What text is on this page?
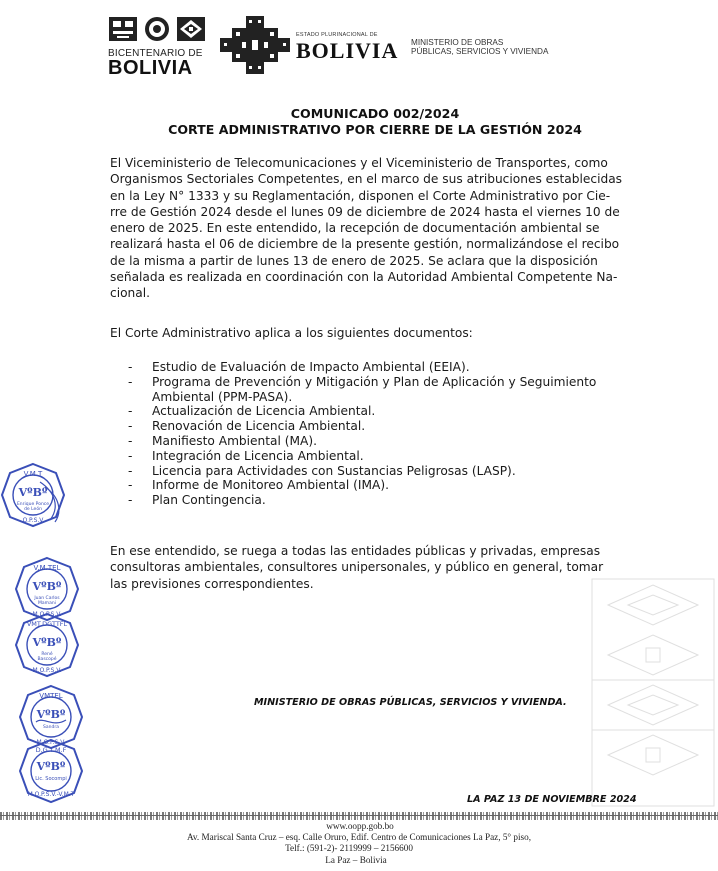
BICENTENARIO DE
BOLIVIA
ESTADO PLURINACIONAL DE
BOLIVIA MINISTERIO DE OBRAS
PÚBLICAS, SERVICIOS Y VIVIENDA
COMUNICADO 002/2024
CORTE ADMINISTRATIVO POR CIERRE DE LA GESTIÓN 2024
El Viceministerio de Telecomunicaciones y el Viceministerio de Transportes, como
Organismos Sectoriales Competentes, en el marco de sus atribuciones establecidas
en la Ley N° 1333 y su Reglamentación, disponen el Corte Administrativo por Cie-
rre de Gestión 2024 desde el lunes 09 de diciembre de 2024 hasta el viernes 10 de
enero de 2025. En este entendido, la recepción de documentación ambiental se
realizará hasta el 06 de diciembre de la presente gestión, normalizándose el recibo
de la misma a partir de lunes 13 de enero de 2025. Se aclara que la disposición
señalada es realizada en coordinación con la Autoridad Ambiental Competente Na-
cional.
El Corte Administrativo aplica a los siguientes documentos:
- Estudio de Evaluación de Impacto Ambiental (EEIA).
- Programa de Prevención y Mitigación y Plan de Aplicación y Seguimiento
Ambiental (PPM-PASA).
- Actualización de Licencia Ambiental.
- Renovación de Licencia Ambiental.
- Manifiesto Ambiental (MA).
- Integración de Licencia Ambiental.
- Licencia para Actividades con Sustancias Peligrosas (LASP).
- Informe de Monitoreo Ambiental (IMA).
- Plan Contingencia.
En ese entendido, se ruega a todas las entidades públicas y privadas, empresas
consultoras ambientales, consultores unipersonales, y público en general, tomar
las previsiones correspondientes.
V.M.T
VºBº
Enrique Ponce
de León
O.P.S.V
V.M.TEL
VºBº
Juan Carlos
Mamani
M.O.P.S.V.
VMT.DGTTFL
VºBº
René
Bascopé
M.O.P.S.V.
VMTEL
VºBº
Sandra
M.O.P.S.V.
D.G.T.M.F
VºBº
Lic. Socompi
M.O.P.S.V.-V.M.T
MINISTERIO DE OBRAS PÚBLICAS, SERVICIOS Y VIVIENDA.
LA PAZ 13 DE NOVIEMBRE 2024
www.oopp.gob.bo
Av. Mariscal Santa Cruz – esq. Calle Oruro, Edif. Centro de Comunicaciones La Paz, 5° piso,
Telf.: (591-2)- 2119999 – 2156600
La Paz – Bolivia
